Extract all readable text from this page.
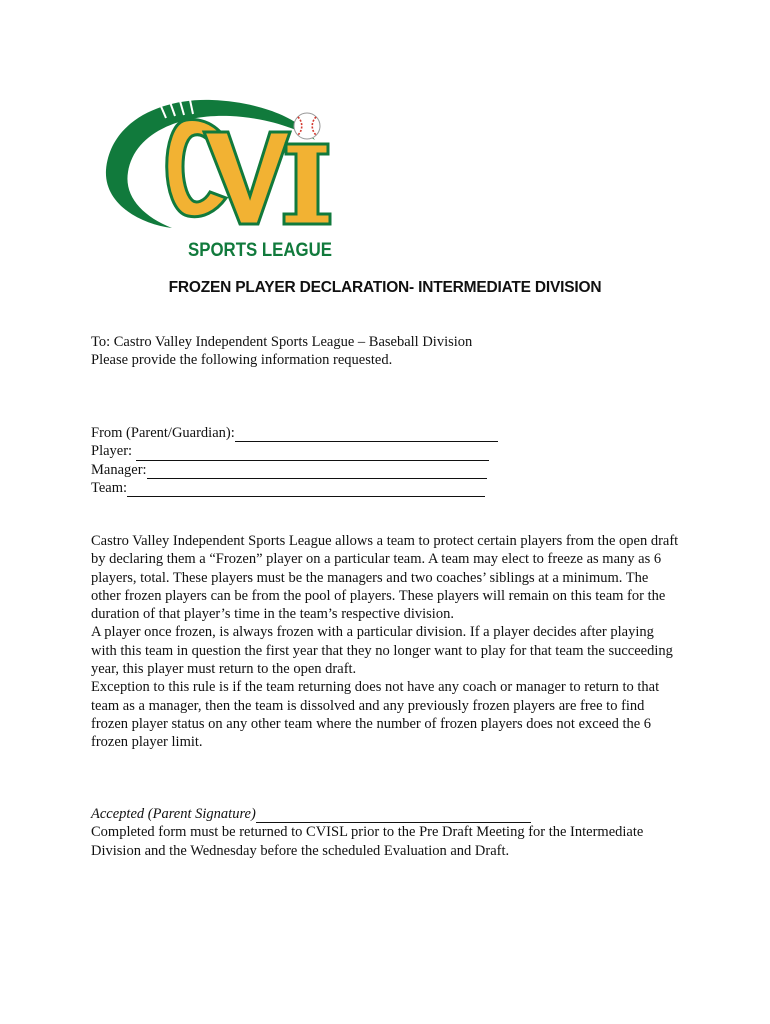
SPORTS LEAGUE
FROZEN PLAYER DECLARATION- INTERMEDIATE DIVISION

To: Castro Valley Independent Sports League – Baseball Division

Please provide the following information requested.

From (Parent/Guardian):
Player:
Manager:
Team:

Castro Valley Independent Sports League allows a team to protect certain players from the open draft by declaring them a “Frozen” player on a particular team. A team may elect to freeze as many as 6 players, total. These players must be the managers and two coaches’ siblings at a minimum. The other frozen players can be from the pool of players. These players will remain on this team for the duration of that player’s time in the team’s respective division.

A player once frozen, is always frozen with a particular division. If a player decides after playing with this team in question the first year that they no longer want to play for that team the succeeding year, this player must return to the open draft.

Exception to this rule is if the team returning does not have any coach or manager to return to that team as a manager, then the team is dissolved and any previously frozen players are free to find frozen player status on any other team where the number of frozen players does not exceed the 6 frozen player limit.

Accepted (Parent Signature)

Completed form must be returned to CVISL prior to the Pre Draft Meeting for the Intermediate Division and the Wednesday before the scheduled Evaluation and Draft.
